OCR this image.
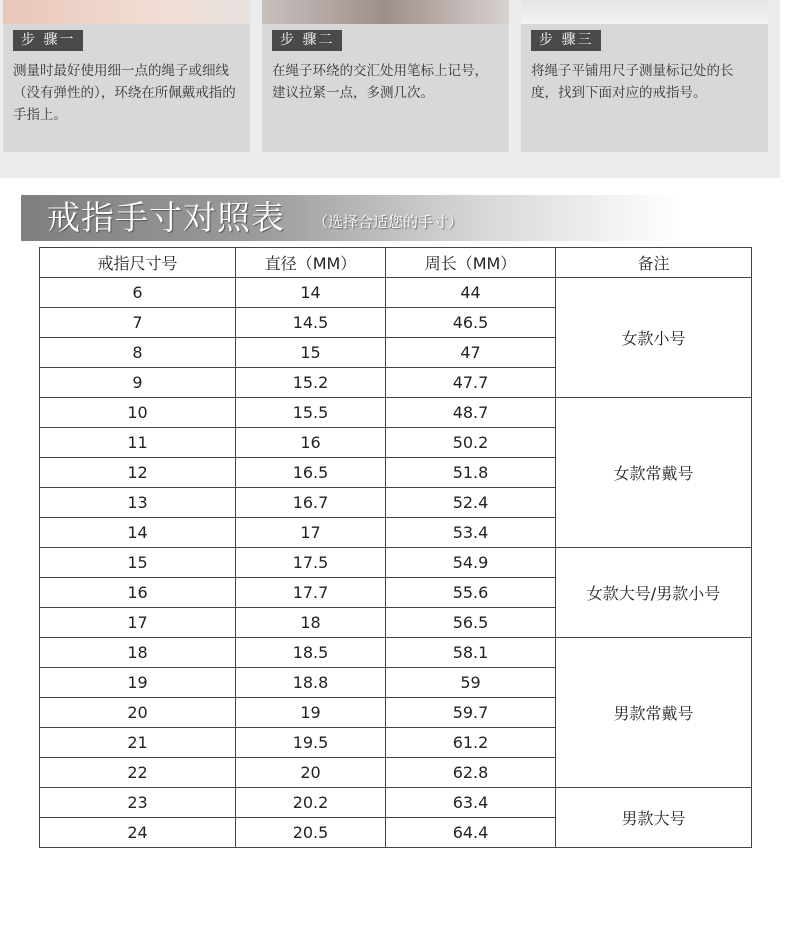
步 骤一
测量时最好使用细一点的绳子或细线（没有弹性的），环绕在所佩戴戒指的手指上。
步 骤二
在绳子环绕的交汇处用笔标上记号，建议拉紧一点，多测几次。
步 骤三
将绳子平铺用尺子测量标记处的长度，找到下面对应的戒指号。
戒指手寸对照表 （选择合适您的手寸）
戒指尺寸号	直径（MM）	周长（MM）	备注
6	14	44	女款小号
7	14.5	46.5	
8	15	47	
9	15.2	47.7	
10	15.5	48.7	女款常戴号
11	16	50.2	
12	16.5	51.8	
13	16.7	52.4	
14	17	53.4	
15	17.5	54.9	女款大号/男款小号
16	17.7	55.6	
17	18	56.5	
18	18.5	58.1	男款常戴号
19	18.8	59	
20	19	59.7	
21	19.5	61.2	
22	20	62.8	
23	20.2	63.4	男款大号
24	20.5	64.4	
